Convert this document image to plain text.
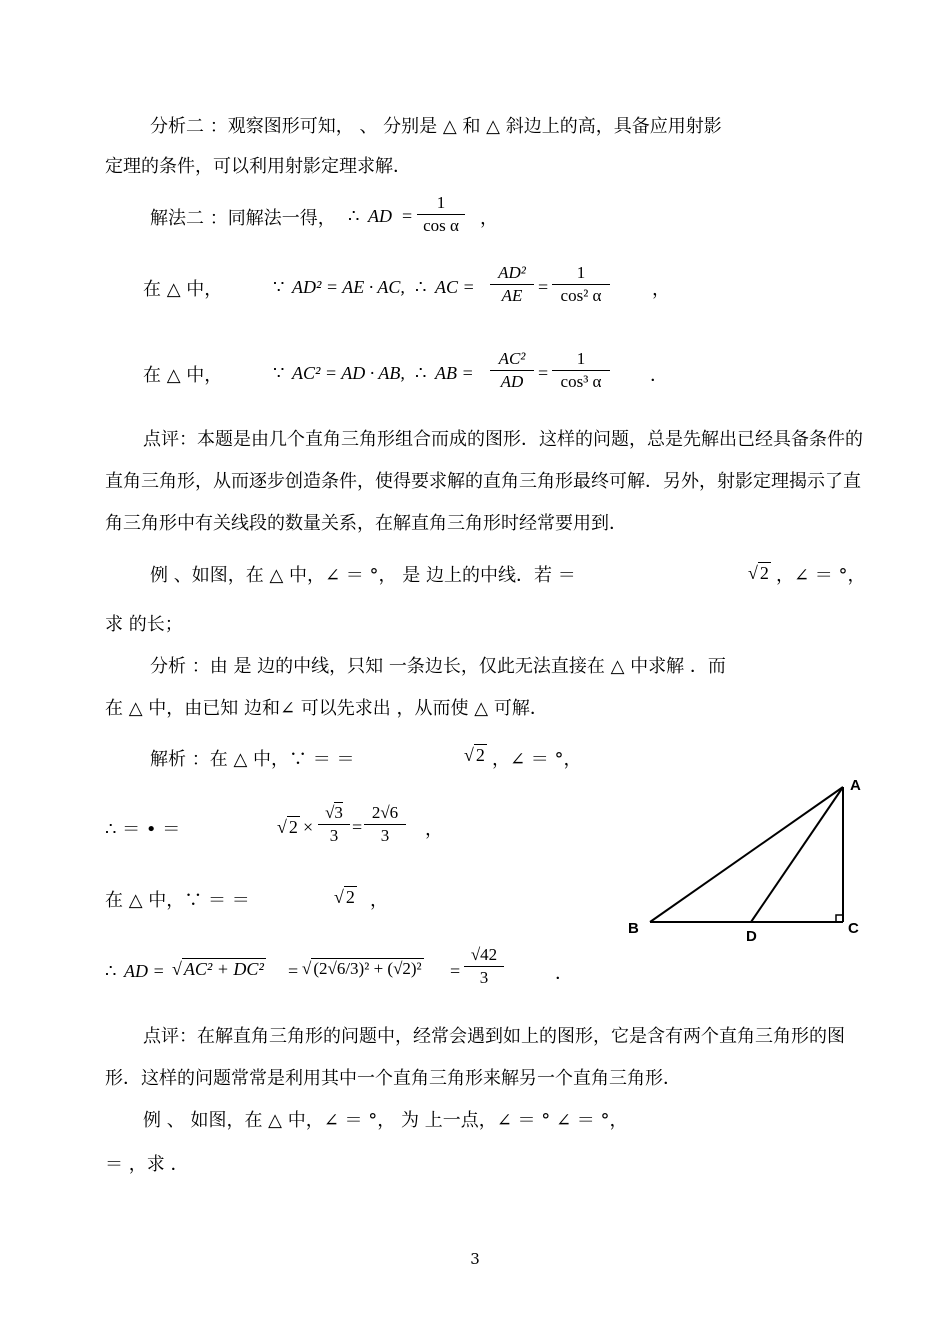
分析二 ：观察图形可知， 、 分别是 △ 和 △ 斜边上的高，具备应用射影
定理的条件，可以利用射影定理求解．
解法二 ：同解法一得， ∴ AD =
1
cos α	，
在 △ 中，	∵ AD² = AE · AC, ∴ AC =
AD²
AE =
1
cos² α	，
在 △ 中，	∵ AC² = AD · AB, ∴ AB =
AC²
AD =
1
cos³ α	．
点评：本题是由几个直角三角形组合而成的图形．这样的问题，总是先解出已经具备条件的
直角三角形，从而逐步创造条件，使得要求解的直角三角形最终可解．另外，射影定理揭示了直
角三角形中有关线段的数量关系，在解直角三角形时经常要用到．
例 、如图，在 △ 中，∠ ＝ °， 是 边上的中线．若 ＝	√ 2 ，∠ ＝ °，
求 的长；
分析 ：由 是 边的中线，只知 一条边长，仅此无法直接在 △ 中求解 ．而
在 △ 中，由已知 边和∠ 可以先求出 ，从而使 △ 可解．
解析 ：在 △ 中，∵ ＝ ＝	√ 2 ，∠ ＝ °，
∴ ＝ • ＝	√ 2 ×
√3
3 =
2√6
3	，
在 △ 中，∵ ＝ ＝	√ 2 ，
∴ AD = √ AC² + DC² = √ (2√6/3)² + (√2)² =
√42
3	．
A
B	C
D
点评：在解直角三角形的问题中，经常会遇到如上的图形，它是含有两个直角三角形的图
形．这样的问题常常是利用其中一个直角三角形来解另一个直角三角形．
例 、 如图，在 △ 中，∠ ＝ °， 为 上一点，∠ ＝ ° ∠ ＝ °，
＝ ，求 ．
3
